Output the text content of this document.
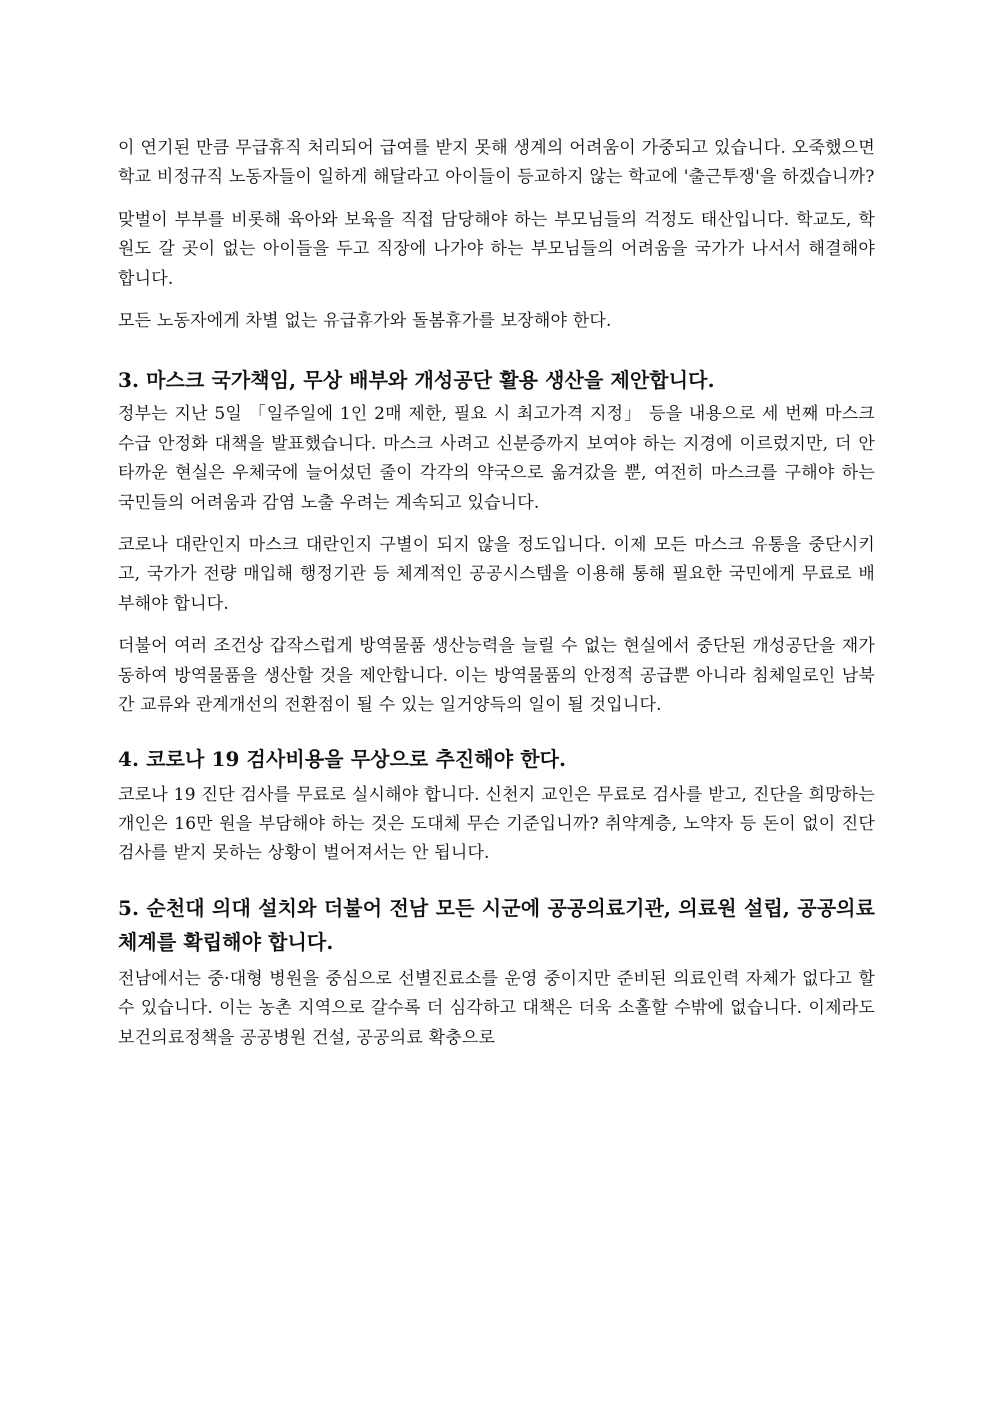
이 연기된 만큼 무급휴직 처리되어 급여를 받지 못해 생계의 어려움이 가중되고 있습니다. 오죽했으면 학교 비정규직 노동자들이 일하게 해달라고 아이들이 등교하지 않는 학교에 '출근투쟁'을 하겠습니까?

맞벌이 부부를 비롯해 육아와 보육을 직접 담당해야 하는 부모님들의 걱정도 태산입니다. 학교도, 학원도 갈 곳이 없는 아이들을 두고 직장에 나가야 하는 부모님들의 어려움을 국가가 나서서 해결해야 합니다.

모든 노동자에게 차별 없는 유급휴가와 돌봄휴가를 보장해야 한다.

3. 마스크 국가책임, 무상 배부와 개성공단 활용 생산을 제안합니다.

정부는 지난 5일 「일주일에 1인 2매 제한, 필요 시 최고가격 지정」 등을 내용으로 세 번째 마스크 수급 안정화 대책을 발표했습니다. 마스크 사려고 신분증까지 보여야 하는 지경에 이르렀지만, 더 안타까운 현실은 우체국에 늘어섰던 줄이 각각의 약국으로 옮겨갔을 뿐, 여전히 마스크를 구해야 하는 국민들의 어려움과 감염 노출 우려는 계속되고 있습니다.

코로나 대란인지 마스크 대란인지 구별이 되지 않을 정도입니다. 이제 모든 마스크 유통을 중단시키고, 국가가 전량 매입해 행정기관 등 체계적인 공공시스템을 이용해 통해 필요한 국민에게 무료로 배부해야 합니다.

더불어 여러 조건상 갑작스럽게 방역물품 생산능력을 늘릴 수 없는 현실에서 중단된 개성공단을 재가동하여 방역물품을 생산할 것을 제안합니다. 이는 방역물품의 안정적 공급뿐 아니라 침체일로인 남북 간 교류와 관계개선의 전환점이 될 수 있는 일거양득의 일이 될 것입니다.

4. 코로나 19 검사비용을 무상으로 추진해야 한다.

코로나 19 진단 검사를 무료로 실시해야 합니다. 신천지 교인은 무료로 검사를 받고, 진단을 희망하는 개인은 16만 원을 부담해야 하는 것은 도대체 무슨 기준입니까? 취약계층, 노약자 등 돈이 없이 진단 검사를 받지 못하는 상황이 벌어져서는 안 됩니다.

5. 순천대 의대 설치와 더불어 전남 모든 시군에 공공의료기관, 의료원 설립, 공공의료체계를 확립해야 합니다.

전남에서는 중·대형 병원을 중심으로 선별진료소를 운영 중이지만 준비된 의료인력 자체가 없다고 할 수 있습니다. 이는 농촌 지역으로 갈수록 더 심각하고 대책은 더욱 소홀할 수밖에 없습니다. 이제라도 보건의료정책을 공공병원 건설, 공공의료 확충으로
